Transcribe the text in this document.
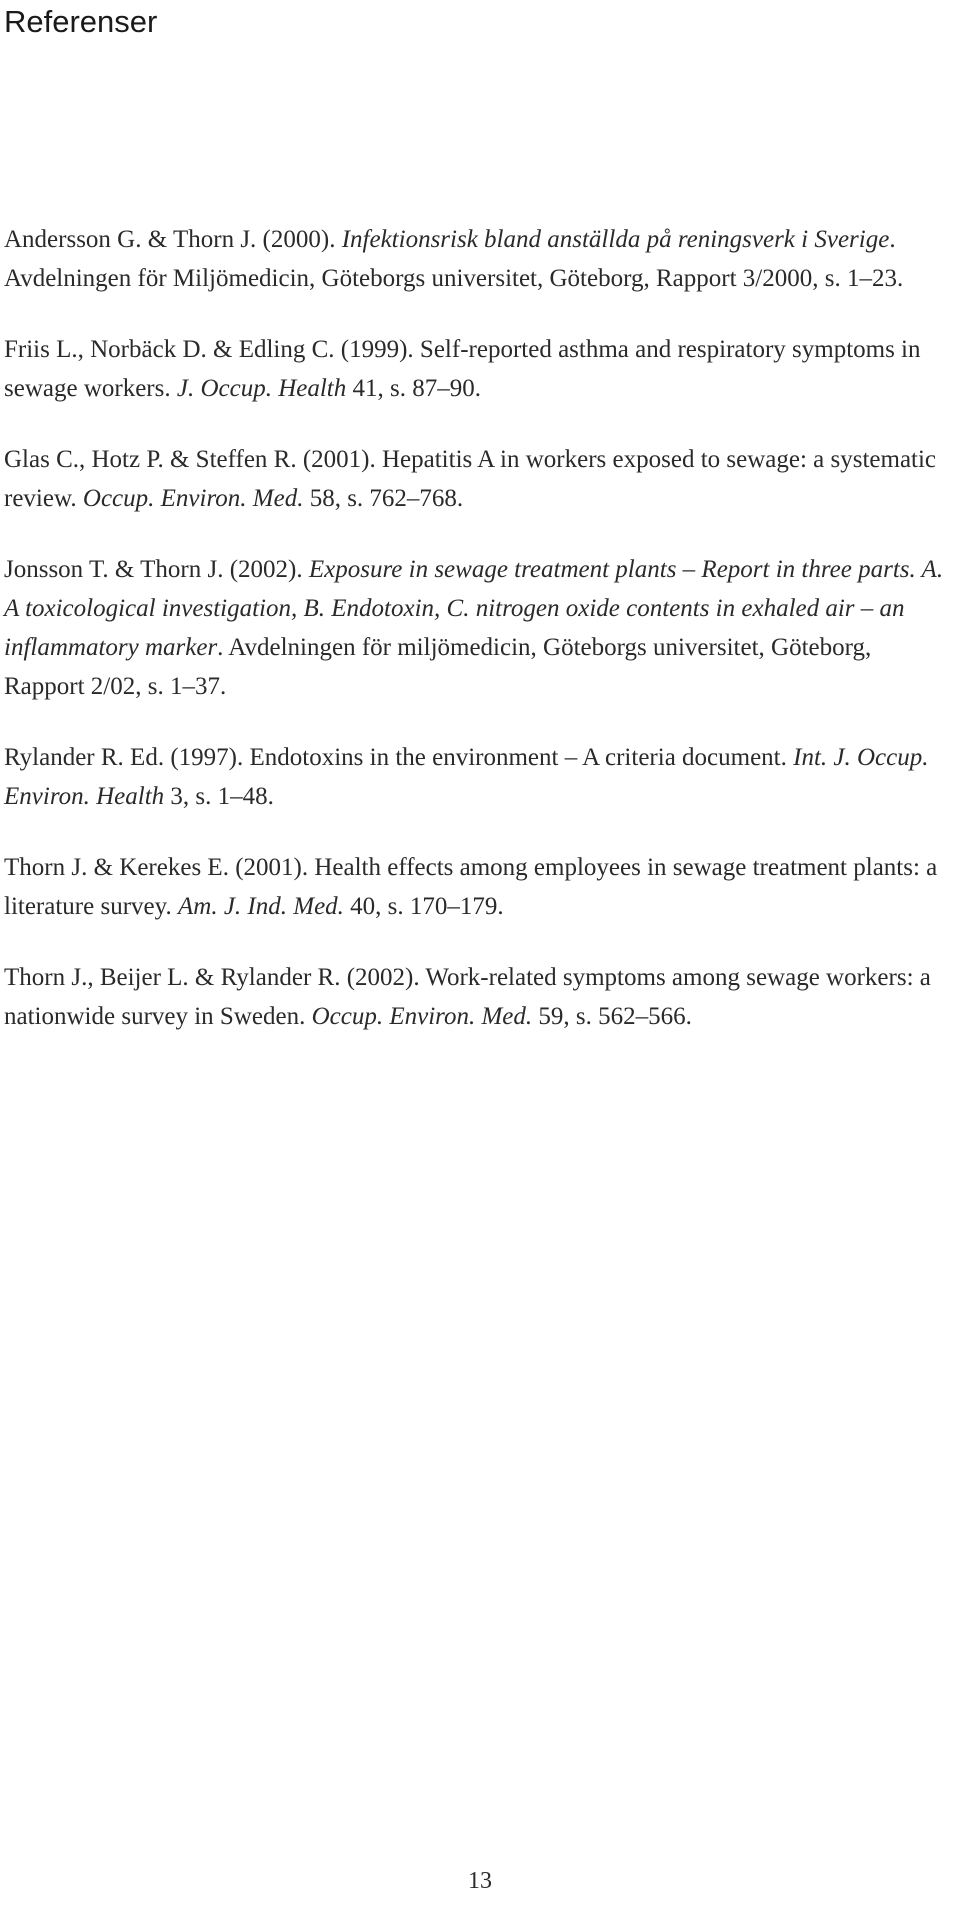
Referenser
Andersson G. & Thorn J. (2000). Infektionsrisk bland anställda på reningsverk i Sverige. Avdelningen för Miljömedicin, Göteborgs universitet, Göteborg, Rapport 3/2000, s. 1–23.
Friis L., Norbäck D. & Edling C. (1999). Self-reported asthma and respiratory symptoms in sewage workers. J. Occup. Health 41, s. 87–90.
Glas C., Hotz P. & Steffen R. (2001). Hepatitis A in workers exposed to sewage: a systematic review. Occup. Environ. Med. 58, s. 762–768.
Jonsson T. & Thorn J. (2002). Exposure in sewage treatment plants – Report in three parts. A. A toxicological investigation, B. Endotoxin, C. nitrogen oxide contents in exhaled air – an inflammatory marker. Avdelningen för miljömedicin, Göteborgs universitet, Göteborg, Rapport 2/02, s. 1–37.
Rylander R. Ed. (1997). Endotoxins in the environment – A criteria document. Int. J. Occup. Environ. Health 3, s. 1–48.
Thorn J. & Kerekes E. (2001). Health effects among employees in sewage treatment plants: a literature survey. Am. J. Ind. Med. 40, s. 170–179.
Thorn J., Beijer L. & Rylander R. (2002). Work-related symptoms among sewage workers: a nationwide survey in Sweden. Occup. Environ. Med. 59, s. 562–566.
13
